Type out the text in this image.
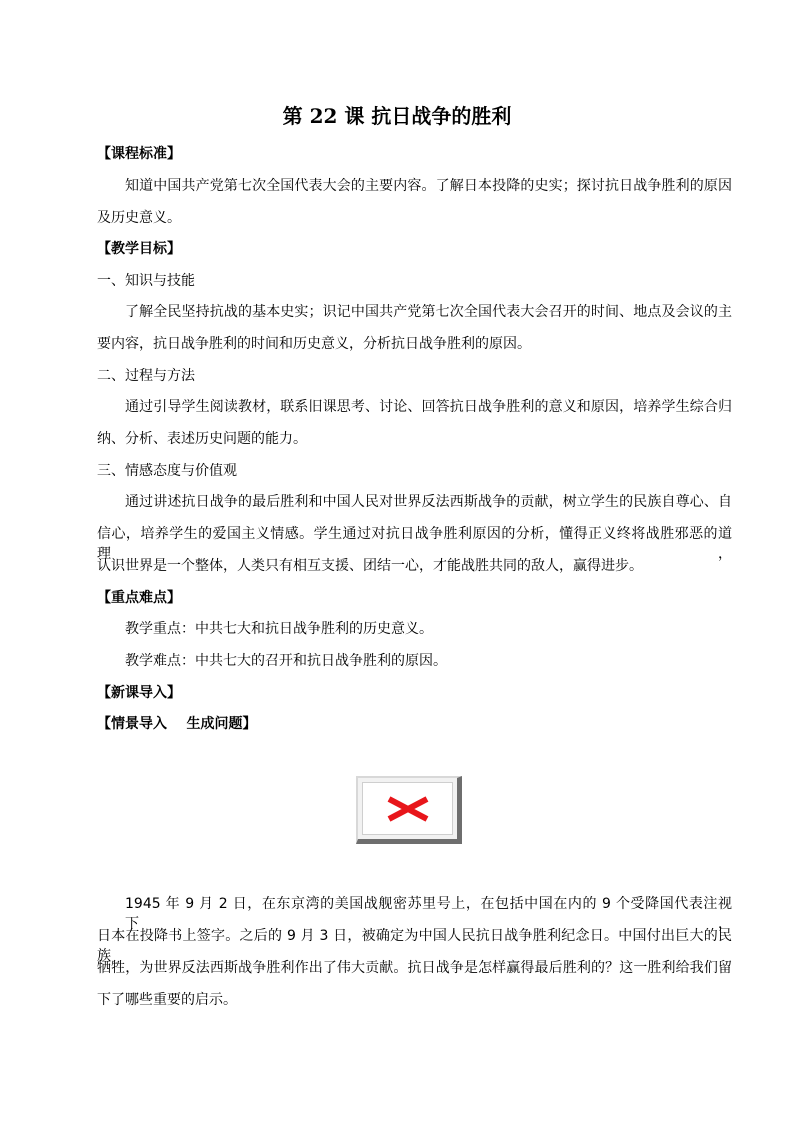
第 22 课 抗日战争的胜利
【课程标准】
知道中国共产党第七次全国代表大会的主要内容。了解日本投降的史实；探讨抗日战争胜利的原因
及历史意义。
【教学目标】
一、知识与技能
了解全民坚持抗战的基本史实；识记中国共产党第七次全国代表大会召开的时间、地点及会议的主
要内容，抗日战争胜利的时间和历史意义，分析抗日战争胜利的原因。
二、过程与方法
通过引导学生阅读教材，联系旧课思考、讨论、回答抗日战争胜利的意义和原因，培养学生综合归
纳、分析、表述历史问题的能力。
三、情感态度与价值观
通过讲述抗日战争的最后胜利和中国人民对世界反法西斯战争的贡献，树立学生的民族自尊心、自
信心，培养学生的爱国主义情感。学生通过对抗日战争胜利原因的分析，懂得正义终将战胜邪恶的道理，
认识世界是一个整体，人类只有相互支援、团结一心，才能战胜共同的敌人，赢得进步。
【重点难点】
教学重点：中共七大和抗日战争胜利的历史意义。
教学难点：中共七大的召开和抗日战争胜利的原因。
【新课导入】
【情景导入    生成问题】
1945 年 9 月 2 日，在东京湾的美国战舰密苏里号上，在包括中国在内的 9 个受降国代表注视下，
日本在投降书上签字。之后的 9 月 3 日，被确定为中国人民抗日战争胜利纪念日。中国付出巨大的民族
牺牲，为世界反法西斯战争胜利作出了伟大贡献。抗日战争是怎样赢得最后胜利的？这一胜利给我们留
下了哪些重要的启示。
